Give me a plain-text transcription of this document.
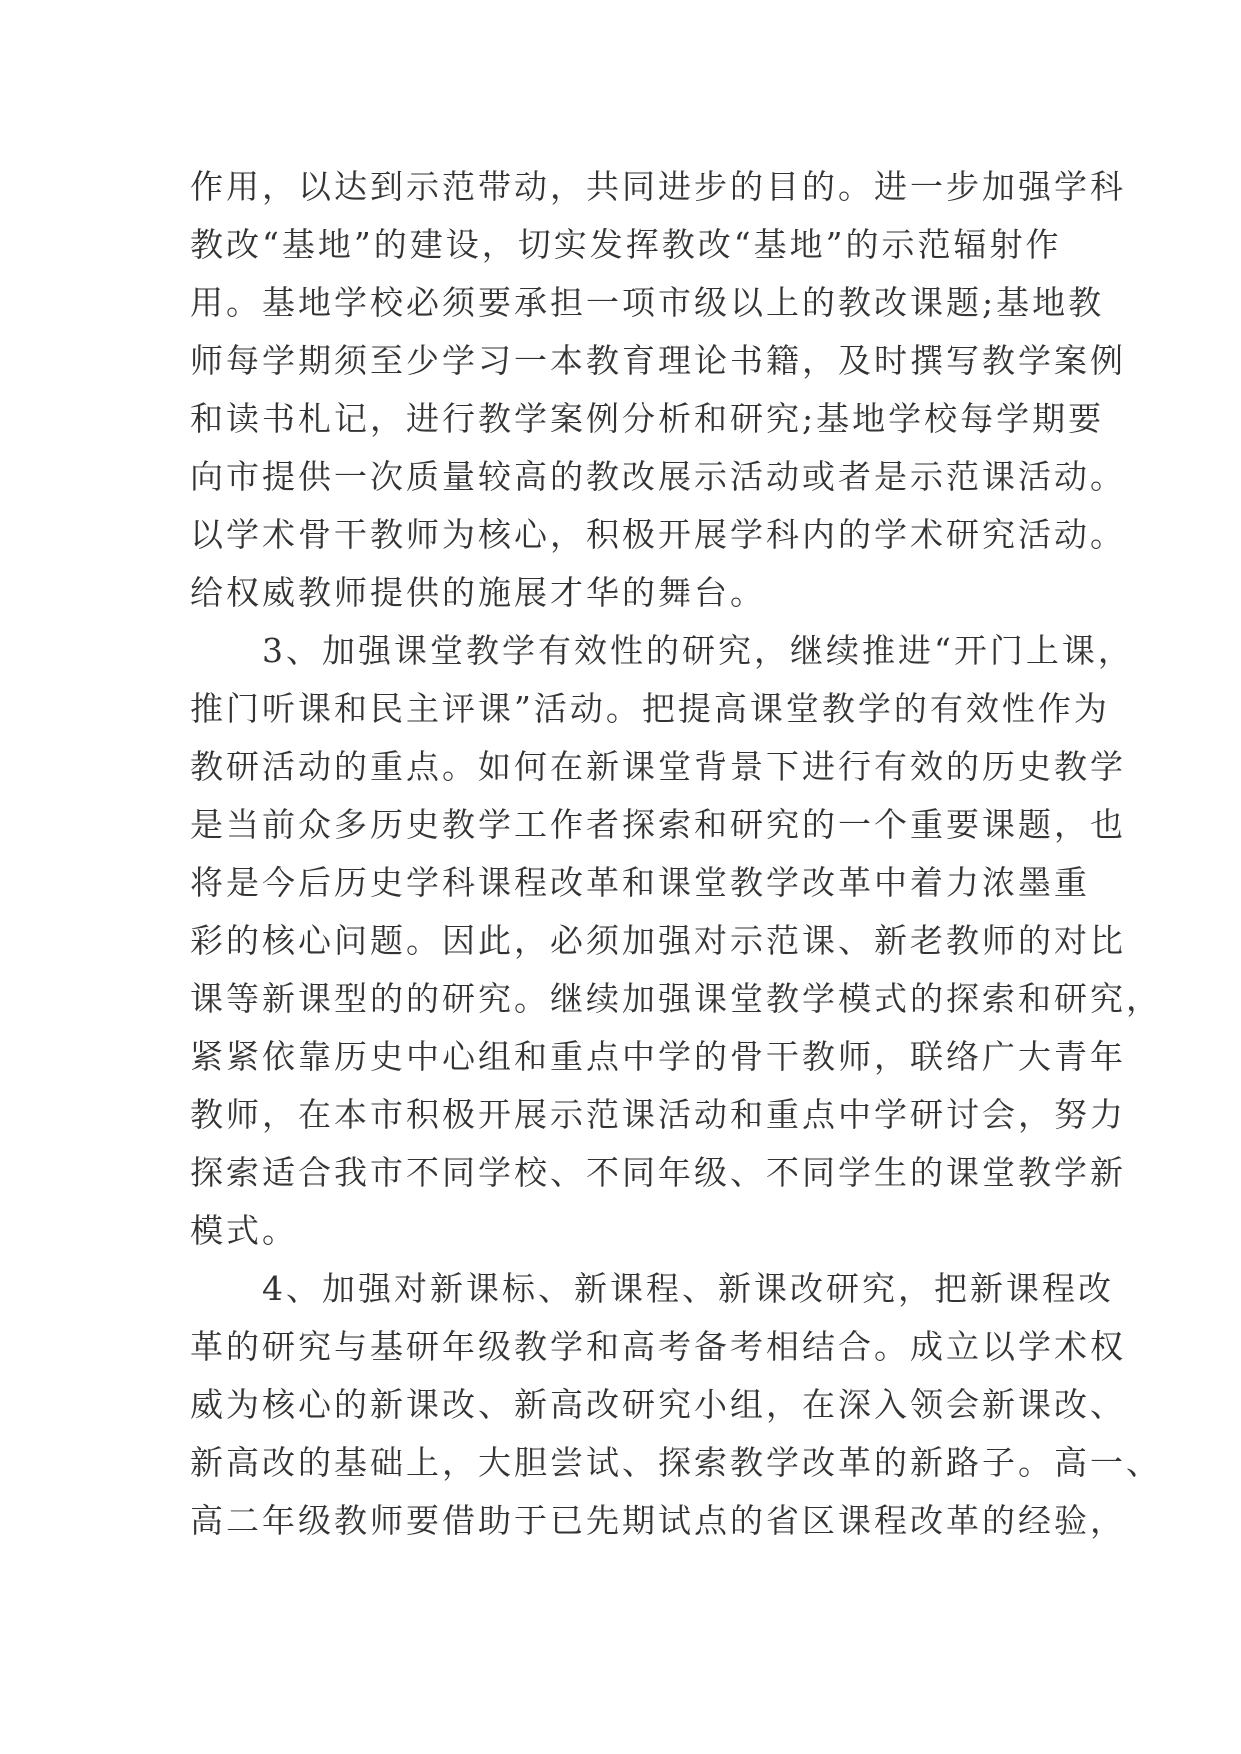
作用，以达到示范带动，共同进步的目的。进一步加强学科
教改“基地”的建设，切实发挥教改“基地”的示范辐射作
用。基地学校必须要承担一项市级以上的教改课题;基地教
师每学期须至少学习一本教育理论书籍，及时撰写教学案例
和读书札记，进行教学案例分析和研究;基地学校每学期要
向市提供一次质量较高的教改展示活动或者是示范课活动。
以学术骨干教师为核心，积极开展学科内的学术研究活动。
给权威教师提供的施展才华的舞台。
　　3、加强课堂教学有效性的研究，继续推进“开门上课，
推门听课和民主评课”活动。把提高课堂教学的有效性作为
教研活动的重点。如何在新课堂背景下进行有效的历史教学
是当前众多历史教学工作者探索和研究的一个重要课题，也
将是今后历史学科课程改革和课堂教学改革中着力浓墨重
彩的核心问题。因此，必须加强对示范课、新老教师的对比
课等新课型的的研究。继续加强课堂教学模式的探索和研究，
紧紧依靠历史中心组和重点中学的骨干教师，联络广大青年
教师，在本市积极开展示范课活动和重点中学研讨会，努力
探索适合我市不同学校、不同年级、不同学生的课堂教学新
模式。
　　4、加强对新课标、新课程、新课改研究，把新课程改
革的研究与基研年级教学和高考备考相结合。成立以学术权
威为核心的新课改、新高改研究小组，在深入领会新课改、
新高改的基础上，大胆尝试、探索教学改革的新路子。高一、
高二年级教师要借助于已先期试点的省区课程改革的经验，
